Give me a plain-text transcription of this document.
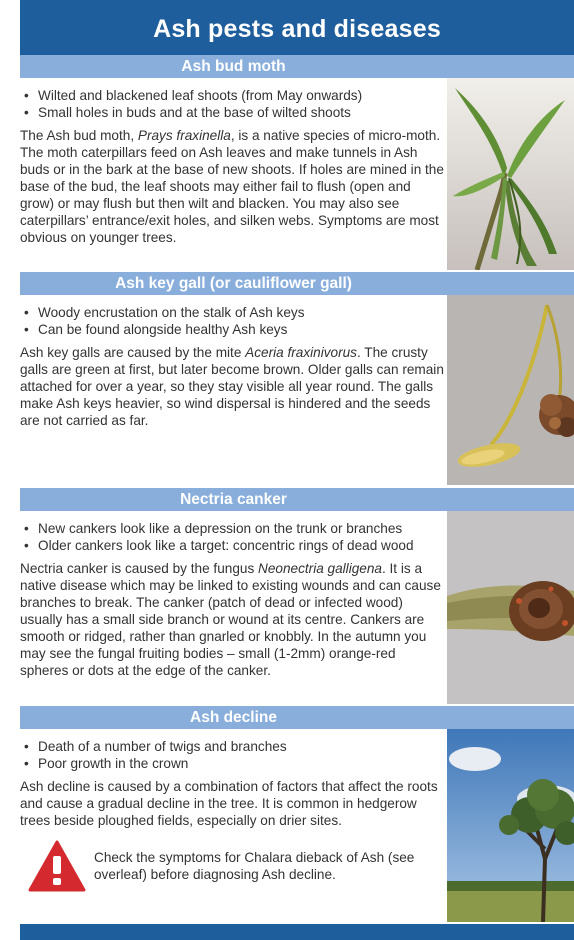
Ash pests and diseases
Ash bud moth
• Wilted and blackened leaf shoots (from May onwards)
• Small holes in buds and at the base of wilted shoots

The Ash bud moth, Prays fraxinella, is a native species of micro-moth. The moth caterpillars feed on Ash leaves and make tunnels in Ash buds or in the bark at the base of new shoots. If holes are mined in the base of the bud, the leaf shoots may either fail to flush (open and grow) or may flush but then wilt and blacken. You may also see caterpillars’ entrance/exit holes, and silken webs. Symptoms are most obvious on younger trees.

Ash key gall (or cauliflower gall)
• Woody encrustation on the stalk of Ash keys
• Can be found alongside healthy Ash keys

Ash key galls are caused by the mite Aceria fraxinivorus. The crusty galls are green at first, but later become brown. Older galls can remain attached for over a year, so they stay visible all year round. The galls make Ash keys heavier, so wind dispersal is hindered and the seeds are not carried as far.

Nectria canker
• New cankers look like a depression on the trunk or branches
• Older cankers look like a target: concentric rings of dead wood

Nectria canker is caused by the fungus Neonectria galligena. It is a native disease which may be linked to existing wounds and can cause branches to break. The canker (patch of dead or infected wood) usually has a small side branch or wound at its centre. Cankers are smooth or ridged, rather than gnarled or knobbly. In the autumn you may see the fungal fruiting bodies – small (1-2mm) orange-red spheres or dots at the edge of the canker.

Ash decline
• Death of a number of twigs and branches
• Poor growth in the crown

Ash decline is caused by a combination of factors that affect the roots and cause a gradual decline in the tree. It is common in hedgerow trees beside ploughed fields, especially on drier sites.

Check the symptoms for Chalara dieback of Ash (see overleaf) before diagnosing Ash decline.
